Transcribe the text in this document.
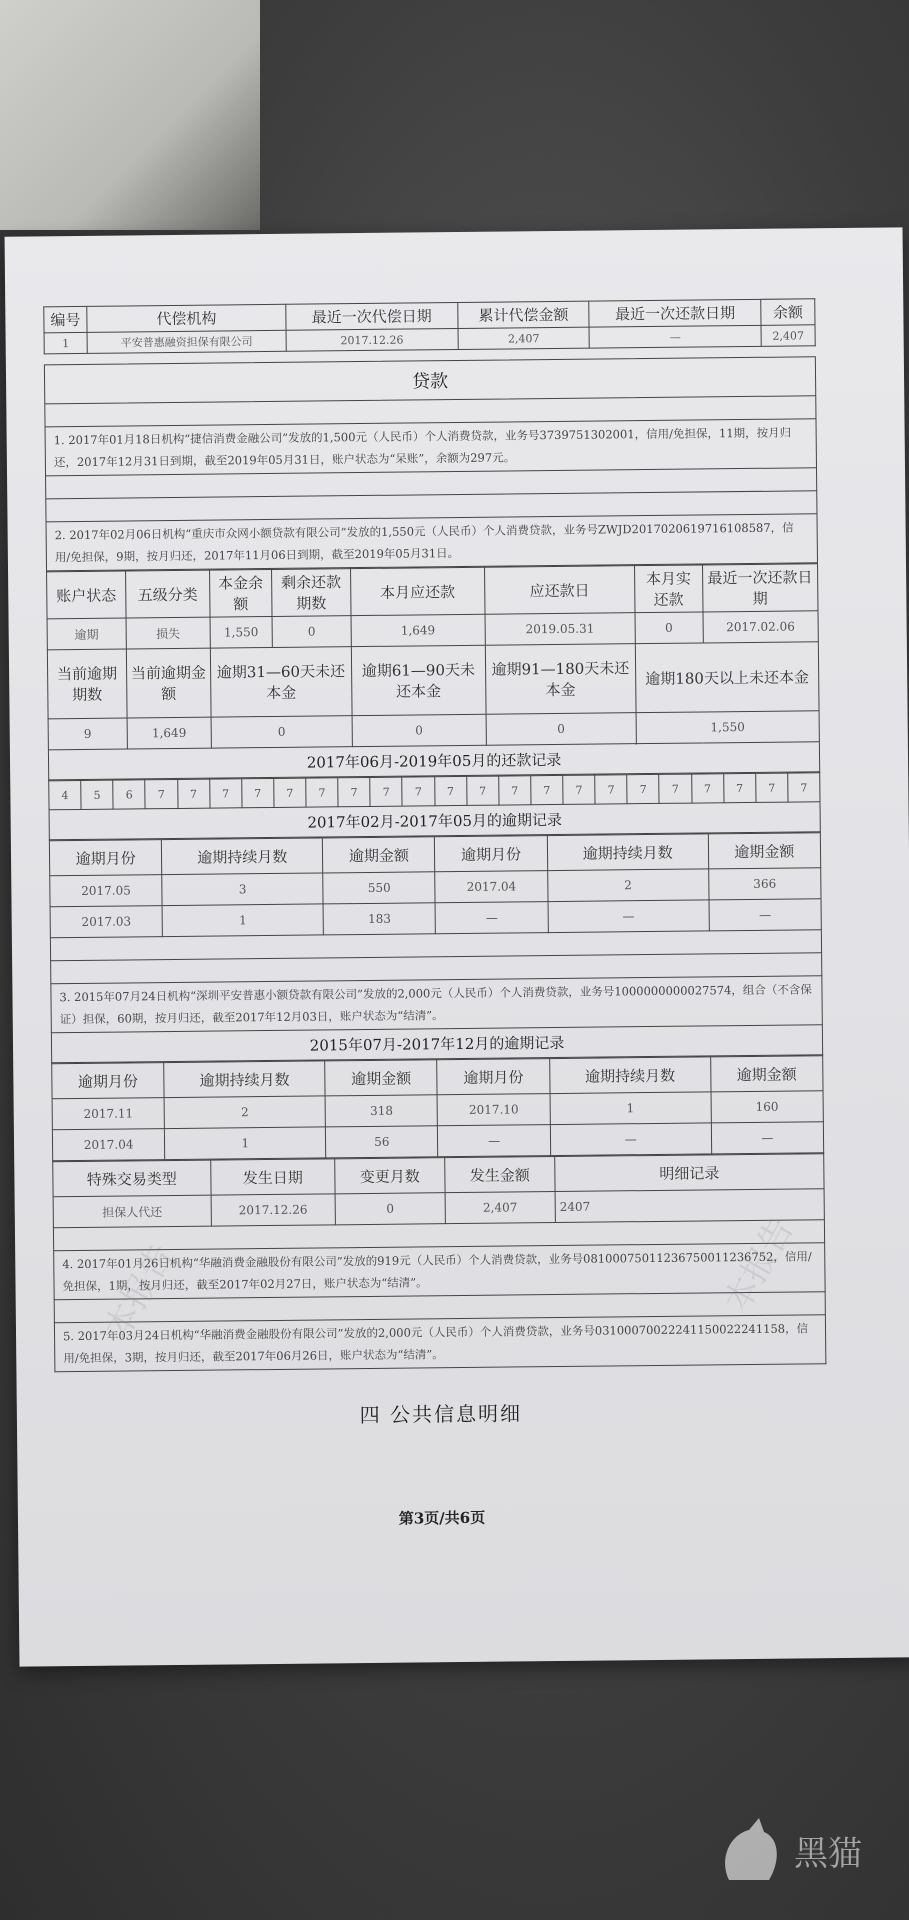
编号	代偿机构	最近一次代偿日期	累计代偿金额	最近一次还款日期	余额
1	平安普惠融资担保有限公司	2017.12.26	2,407	—	2,407
贷款
1. 2017年01月18日机构“捷信消费金融公司”发放的1,500元（人民币）个人消费贷款，业务号3739751302001，信用/免担保，11期，按月归还，2017年12月31日到期，截至2019年05月31日，账户状态为“呆账”，余额为297元。
2. 2017年02月06日机构“重庆市众网小额贷款有限公司”发放的1,550元（人民币）个人消费贷款，业务号ZWJD20170206197161085​87，信用/免担保，9期，按月归还，2017年11月06日到期，截至2019年05月31日。
账户状态	五级分类	本金余额	剩余还款期数	本月应还款	应还款日	本月实还款	最近一次还款日期
逾期	损失	1,550	0	1,649	2019.05.31	0	2017.02.06
当前逾期期数	当前逾期金额	逾期31—60天未还本金		逾期61—90天未还本金	逾期91—180天未还本金	逾期180天以上未还本金	
9	1,649	0		0	0	1,550	
2017年06月-2019年05月的还款记录
4	5	6	7	7	7	7	7	7	7	7	7	7	7	7	7	7	7	7	7	7	7	7	7
2017年02月-2017年05月的逾期记录
逾期月份	逾期持续月数	逾期金额	逾期月份	逾期持续月数	逾期金额
2017.05	3	550	2017.04	2	366
2017.03	1	183	—	—	—
3. 2015年07月24日机构“深圳平安普惠小额贷款有限公司”发放的2,000元（人民币）个人消费贷款，业务号100000000002757​4，组合（不含保证）担保，60期，按月归还，截至2017年12月03日，账户状态为“结清”。
2015年07月-2017年12月的逾期记录
逾期月份	逾期持续月数	逾期金额	逾期月份	逾期持续月数	逾期金额
2017.11	2	318	2017.10	1	160
2017.04	1	56	—	—	—
特殊交易类型	发生日期	变更月数	发生金额	明细记录
担保人代还	2017.12.26	0	2,407	2407
4. 2017年01月26日机构“华融消费金融股份有限公司”发放的919元（人民币）个人消费贷款，业务号0810007501123675001123675​2，信用/免担保，1期，按月归还，截至2017年02月27日，账户状态为“结清”。
5. 2017年03月24日机构“华融消费金融股份有限公司”发放的2,000元（人民币）个人消费贷款，业务号0310007002224115002224115​8，信用/免担保，3期，按月归还，截至2017年06月26日，账户状态为“结清”。
四 公共信息明细
第3页/共6页
本报告	本报告
黑猫
